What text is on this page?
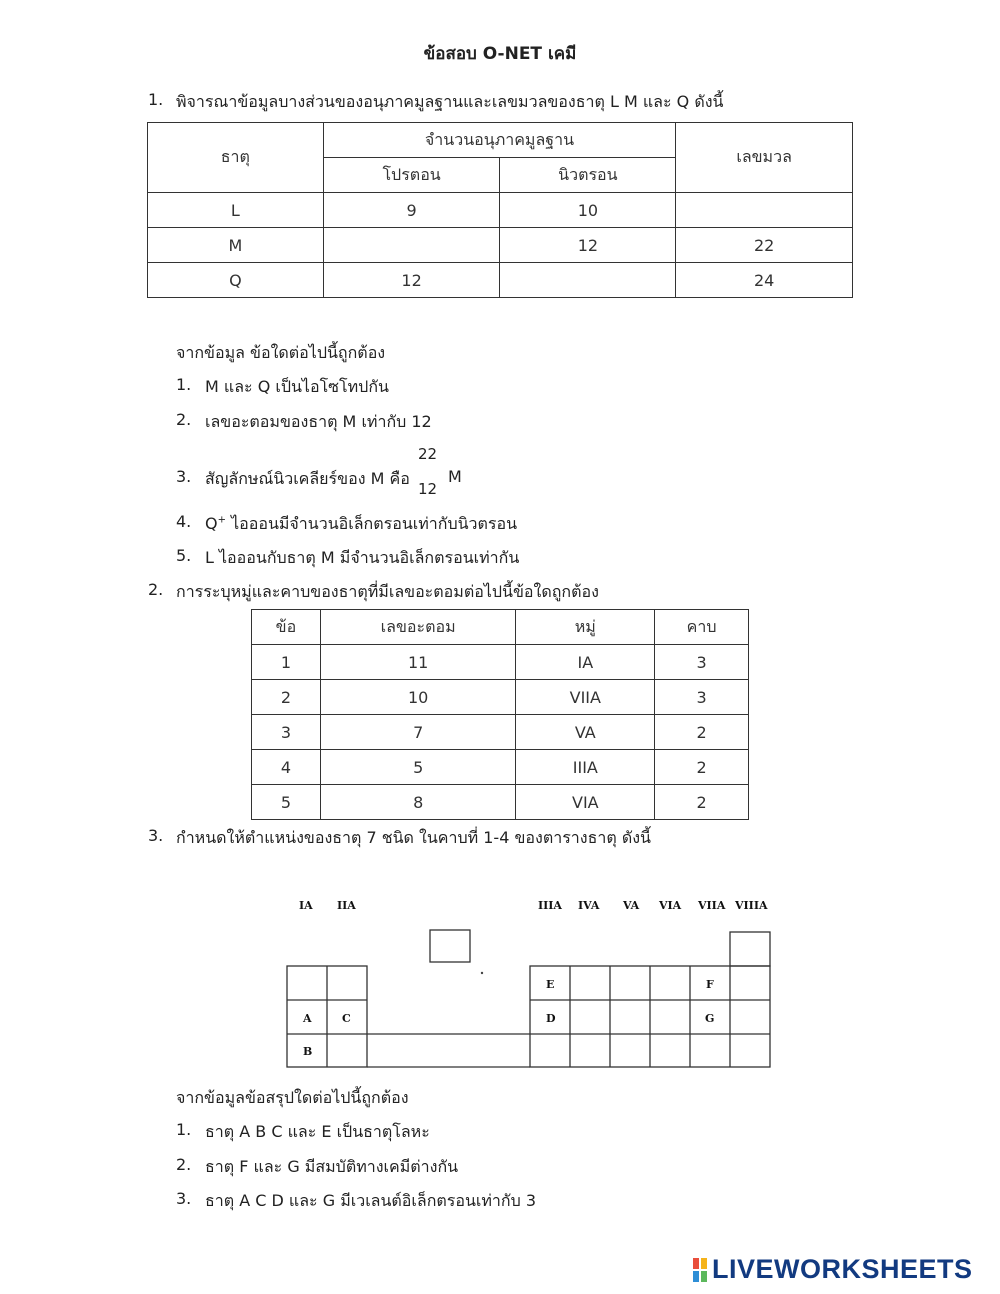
ข้อสอบ O-NET เคมี
1. พิจารณาข้อมูลบางส่วนของอนุภาคมูลฐานและเลขมวลของธาตุ L M และ Q ดังนี้
ธาตุ	จำนวนอนุภาคมูลฐาน		เลขมวล
	โปรตอน	นิวตรอน	
L	9	10	
M		12	22
Q	12		24
จากข้อมูล ข้อใดต่อไปนี้ถูกต้อง
1. M และ Q เป็นไอโซโทปกัน
2. เลขอะตอมของธาตุ M เท่ากับ 12
3. สัญลักษณ์นิวเคลียร์ของ M คือ
22
12
M
4. Q+ ไอออนมีจำนวนอิเล็กตรอนเท่ากับนิวตรอน
5. L ไอออนกับธาตุ M มีจำนวนอิเล็กตรอนเท่ากัน
2. การระบุหมู่และคาบของธาตุที่มีเลขอะตอมต่อไปนี้ข้อใดถูกต้อง
ข้อ	เลขอะตอม	หมู่	คาบ
1	11	IA	3
2	10	VIIA	3
3	7	VA	2
4	5	IIIA	2
5	8	VIA	2
3. กำหนดให้ตำแหน่งของธาตุ 7 ชนิด ในคาบที่ 1-4 ของตารางธาตุ ดังนี้
IA IIA	IIIA IVA VA VIA VIIA VIIIA
A
B
C	D
E	F
G
จากข้อมูลข้อสรุปใดต่อไปนี้ถูกต้อง
1. ธาตุ A B C และ E เป็นธาตุโลหะ
2. ธาตุ F และ G มีสมบัติทางเคมีต่างกัน
3. ธาตุ A C D และ G มีเวเลนต์อิเล็กตรอนเท่ากับ 3
LIVEWORKSHEETS
